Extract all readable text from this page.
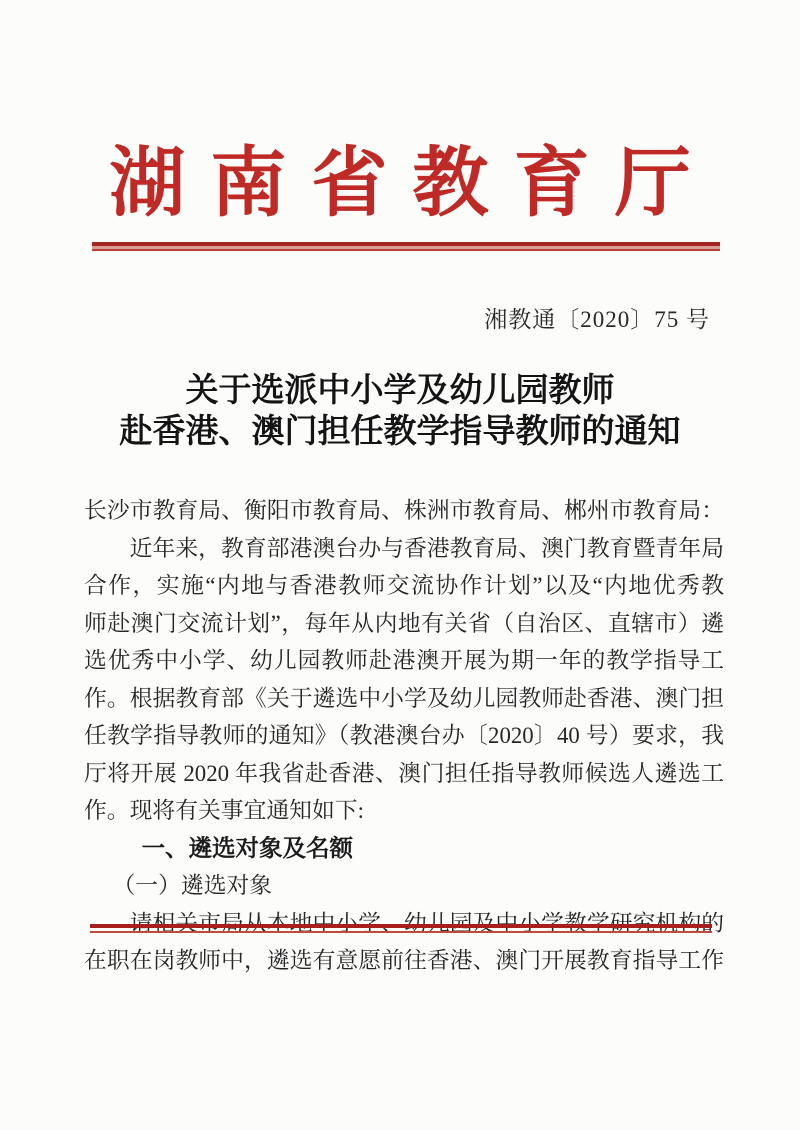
湖南省教育厅
湘教通〔2020〕75 号
关于选派中小学及幼儿园教师
赴香港、澳门担任教学指导教师的通知
长沙市教育局、衡阳市教育局、株洲市教育局、郴州市教育局：
近年来，教育部港澳台办与香港教育局、澳门教育暨青年局
合作，实施“内地与香港教师交流协作计划”以及“内地优秀教
师赴澳门交流计划”，每年从内地有关省（自治区、直辖市）遴
选优秀中小学、幼儿园教师赴港澳开展为期一年的教学指导工
作。根据教育部《关于遴选中小学及幼儿园教师赴香港、澳门担
任教学指导教师的通知》（教港澳台办〔2020〕40 号）要求，我
厅将开展 2020 年我省赴香港、澳门担任指导教师候选人遴选工
作。现将有关事宜通知如下:
一、遴选对象及名额
（一）遴选对象
请相关市局从本地中小学、幼儿园及中小学教学研究机构的
在职在岗教师中，遴选有意愿前往香港、澳门开展教育指导工作
